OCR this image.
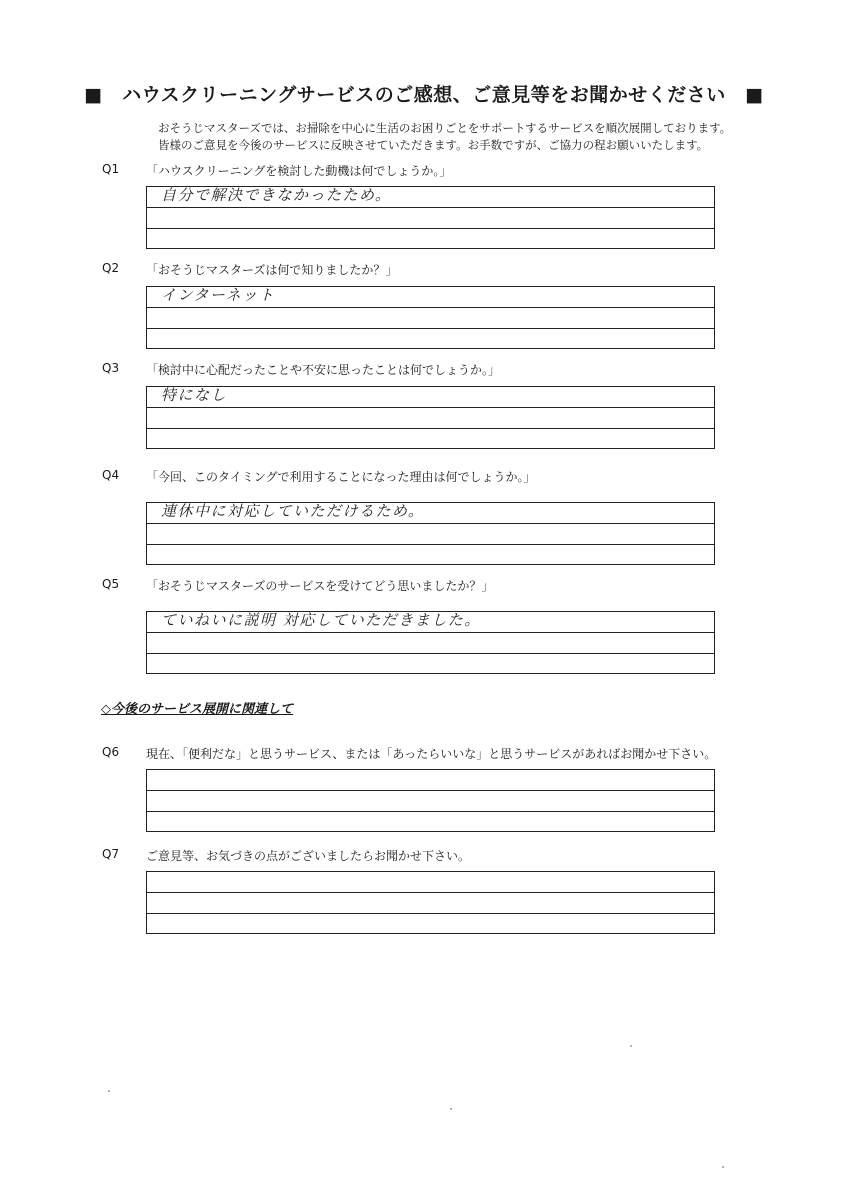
■　ハウスクリーニングサービスのご感想、ご意見等をお聞かせください　■
おそうじマスターズでは、お掃除を中心に生活のお困りごとをサポートするサービスを順次展開しております。
皆様のご意見を今後のサービスに反映させていただきます。お手数ですが、ご協力の程お願いいたします。
Q1 「ハウスクリーニングを検討した動機は何でしょうか。」
自分で解決できなかったため。
Q2 「おそうじマスターズは何で知りましたか？」
インターネット
Q3 「検討中に心配だったことや不安に思ったことは何でしょうか。」
特になし
Q4 「今回、このタイミングで利用することになった理由は何でしょうか。」
連休中に対応していただけるため。
Q5 「おそうじマスターズのサービスを受けてどう思いましたか？」
ていねいに説明 対応していただきました。
◇今後のサービス展開に関連して
Q6 現在、「便利だな」と思うサービス、または「あったらいいな」と思うサービスがあればお聞かせ下さい。
Q7 ご意見等、お気づきの点がございましたらお聞かせ下さい。
